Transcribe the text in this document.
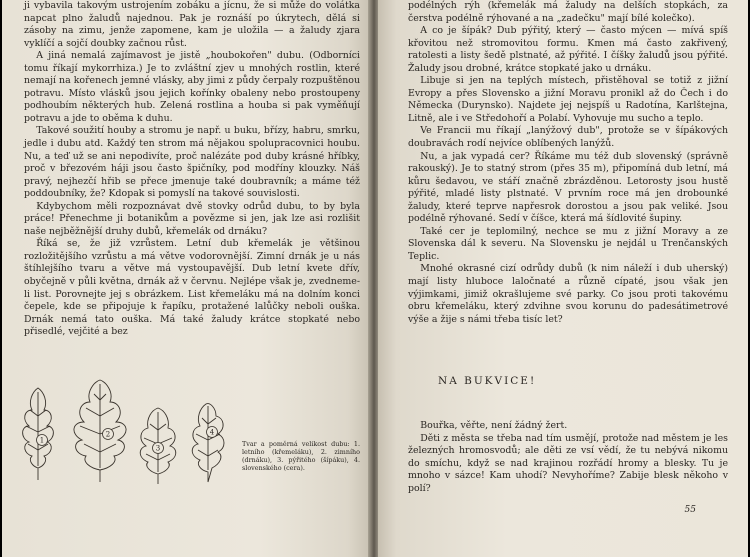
ji vybavila takovým ustrojením zobáku a jícnu, že si může do volátka napcat plno žaludů najednou. Pak je roznáší po úkrytech, dělá si zásoby na zimu, jenže zapomene, kam je uložila — a žaludy zjara vyklíčí a sojčí doubky začnou růst.

A jiná nemalá zajímavost je jistě „houbokořen" dubu. (Odborníci tomu říkají mykorrhiza.) Je to zvláštní zjev u mnohých rostlin, které nemají na kořenech jemné vlásky, aby jimi z půdy čerpaly rozpuštěnou potravu. Místo vlásků jsou jejich kořínky obaleny nebo prostoupeny podhoubím některých hub. Zelená rostlina a houba si pak vyměňují potravu a jde to oběma k duhu.

Takové soužití houby a stromu je např. u buku, břízy, habru, smrku, jedle i dubu atd. Každý ten strom má nějakou spolupracovnici houbu. Nu, a teď už se ani nepodivíte, proč nalézáte pod duby krásné hříbky, proč v březovém háji jsou často špičníky, pod modříny klouzky. Náš pravý, nejhezčí hřib se přece jmenuje také doubravník; a máme též poddoubníky, že? Kdopak si pomyslí na takové souvislosti.

Kdybychom měli rozpoznávat dvě stovky odrůd dubu, to by byla práce! Přenechme ji botanikům a povězme si jen, jak lze asi rozlišit naše nejběžnější druhy dubů, křemelák od drnáku?

Říká se, že již vzrůstem. Letní dub křemelák je většinou rozložitějšího vzrůstu a má větve vodorovnější. Zimní drnák je u nás štíhlejšího tvaru a větve má vystoupavější. Dub letní kvete dřív, obyčejně v půli května, drnák až v červnu. Nejlépe však je, zvedneme-li list. Porovnejte jej s obrázkem. List křemeláku má na dolním konci čepele, kde se připojuje k řapíku, protažené lalůčky neboli ouška. Drnák nemá tato ouška. Má také žaludy krátce stopkaté nebo přisedlé, vejčité a bez

1
2
3
4
Tvar a poměrná velikost dubu: 1. letního (křemeláku), 2. zimního (drnáku), 3. pýřitého (šípáku), 4. slovenského (cera).

podélných rýh (křemelák má žaludy na delších stopkách, za čerstva podélně rýhované a na „zadečku" mají bílé kolečko).

A co je šípák? Dub pýřitý, který — často mýcen — mívá spíš křovitou než stromovitou formu. Kmen má často zakřivený, ratolesti a listy šedě plstnaté, až pýřité. I číšky žaludů jsou pýřité. Žaludy jsou drobné, krátce stopkaté jako u drnáku.

Libuje si jen na teplých místech, přistěhoval se totiž z jižní Evropy a přes Slovensko a jižní Moravu pronikl až do Čech i do Německa (Durynsko). Najdete jej nejspíš u Radotína, Karlštejna, Litně, ale i ve Středohoří a Polabí. Vyhovuje mu sucho a teplo.

Ve Francii mu říkají „lanýžový dub", protože se v šípákových doubravách rodí nejvíce oblíbených lanýžů.

Nu, a jak vypadá cer? Říkáme mu též dub slovenský (správně rakouský). Je to statný strom (přes 35 m), připomíná dub letní, má kůru šedavou, ve stáří značně zbrázděnou. Letorosty jsou hustě pýřité, mladé listy plstnaté. V prvním roce má jen drobounké žaludy, které teprve napřesrok dorostou a jsou pak veliké. Jsou podélně rýhované. Sedí v číšce, která má šídlovité šupiny.

Také cer je teplomilný, nechce se mu z jižní Moravy a ze Slovenska dál k severu. Na Slovensku je nejdál u Trenčanských Teplic.

Mnohé okrasné cizí odrůdy dubů (k nim náleží i dub uherský) mají listy hluboce laločnaté a různě cípaté, jsou však jen výjimkami, jimiž okrašlujeme své parky. Co jsou proti takovému obru křemeláku, který zdvihne svou korunu do padesátimetrové výše a žije s námi třeba tisíc let?

NA BUKVICE!

Bouřka, věřte, není žádný žert.

Děti z města se třeba nad tím usmějí, protože nad městem je les železných hromosvodů; ale děti ze vsí vědí, že tu nebývá nikomu do smíchu, když se nad krajinou rozřádí hromy a blesky. Tu je mnoho v sázce! Kam uhodí? Nevyhoříme? Zabije blesk někoho v polí?

55
